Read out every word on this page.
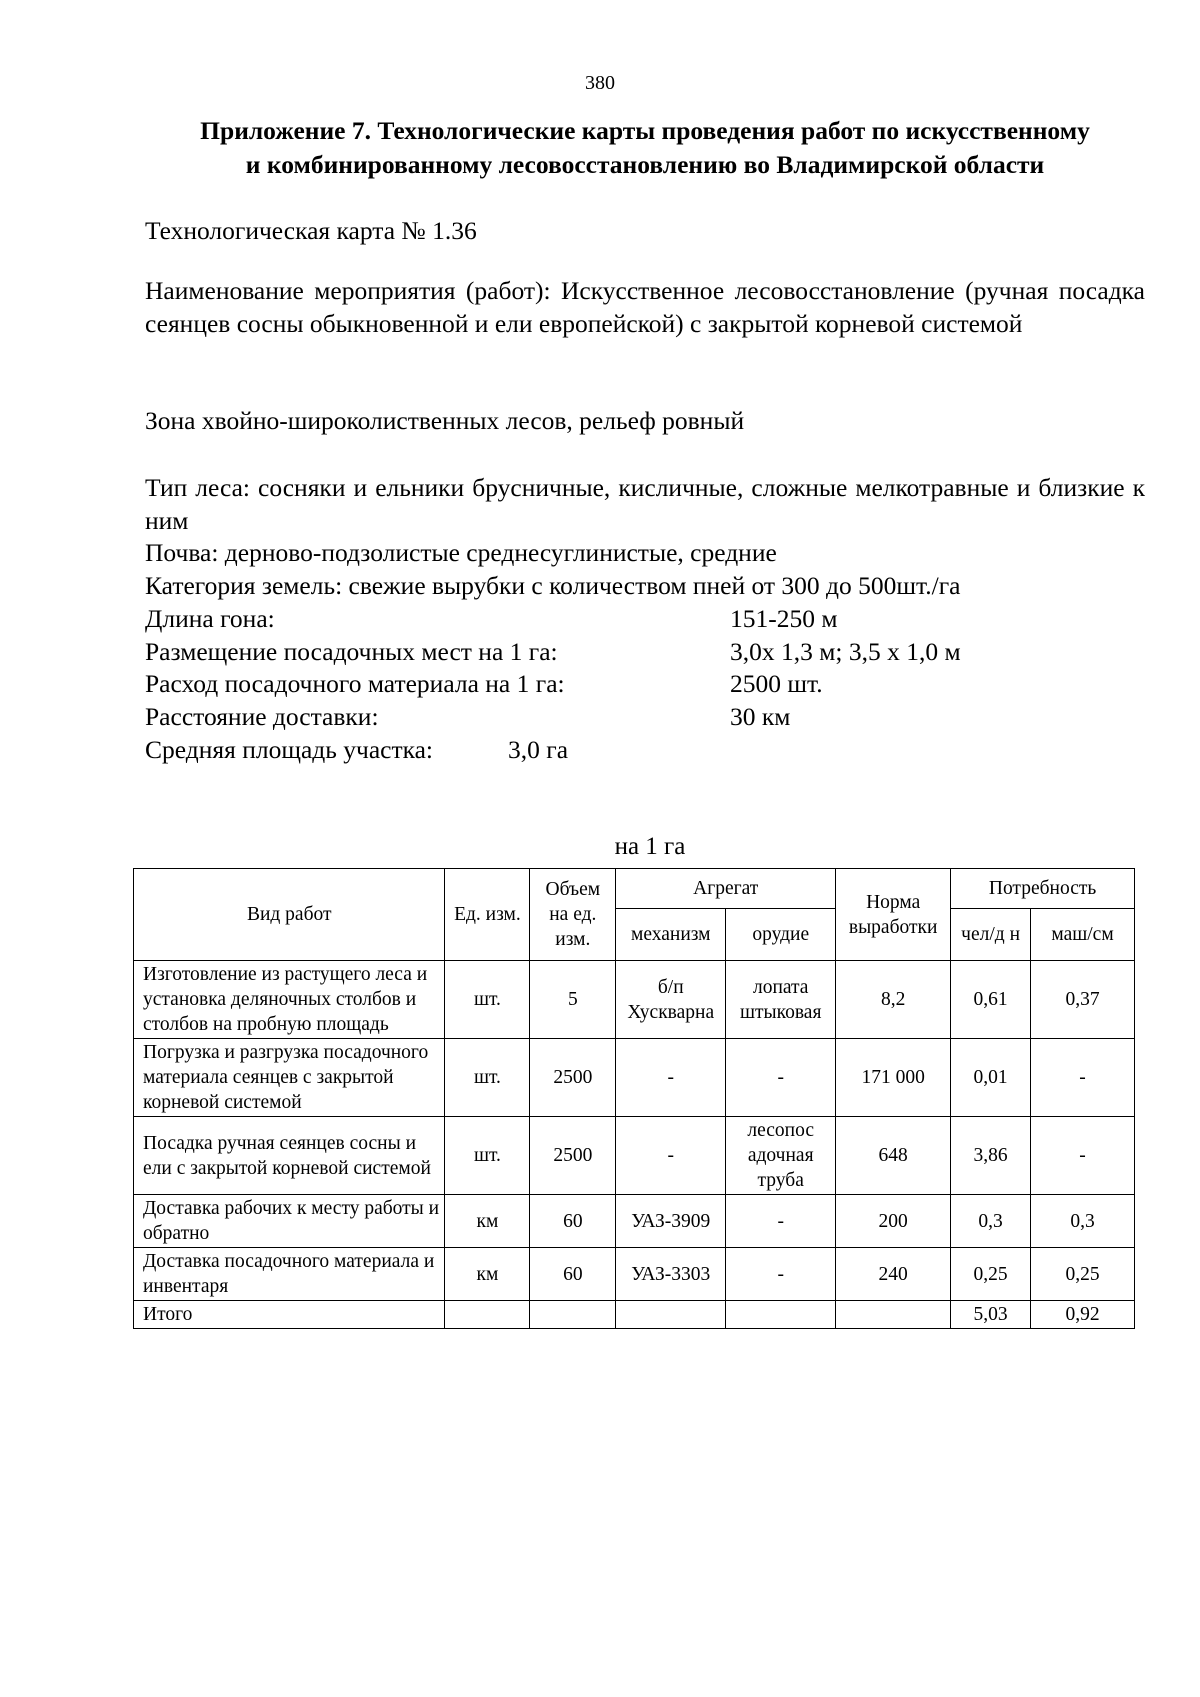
380
Приложение 7. Технологические карты проведения работ по искусственному
и комбинированному лесовосстановлению во Владимирской области
Технологическая карта № 1.36
Наименование мероприятия (работ): Искусственное лесовосстановление (ручная посадка сеянцев сосны обыкновенной и ели европейской) с закрытой корневой системой
Зона хвойно-широколиственных лесов, рельеф ровный
Тип леса: сосняки и ельники брусничные, кисличные, сложные мелкотравные и близкие к ним
Почва: дерново-подзолистые среднесуглинистые, средние
Категория земель: свежие вырубки с количеством пней от 300 до 500шт./га
Длина гона:	151-250 м
Размещение посадочных мест на 1 га:	3,0х 1,3 м; 3,5 х 1,0 м
Расход посадочного материала на 1 га:	2500 шт.
Расстояние доставки:	30 км
Средняя площадь участка:	3,0 га
на 1 га
Вид работ	Ед. изм.	Объем на ед. изм.	Агрегат		Норма выработки	Потребность	
			механизм	орудие		чел/д н	маш/см
Изготовление из растущего леса и установка деляночных столбов и столбов на пробную площадь	шт.	5	б/п Хускварна	лопата штыковая	8,2	0,61	0,37
Погрузка и разгрузка посадочного материала сеянцев с закрытой корневой системой	шт.	2500	-	-	171 000	0,01	-
Посадка ручная сеянцев сосны и ели с закрытой корневой системой	шт.	2500	-	лесопос адочная труба	648	3,86	-
Доставка рабочих к месту работы и обратно	км	60	УАЗ-3909	-	200	0,3	0,3
Доставка посадочного материала и инвентаря	км	60	УАЗ-3303	-	240	0,25	0,25
Итого						5,03	0,92
